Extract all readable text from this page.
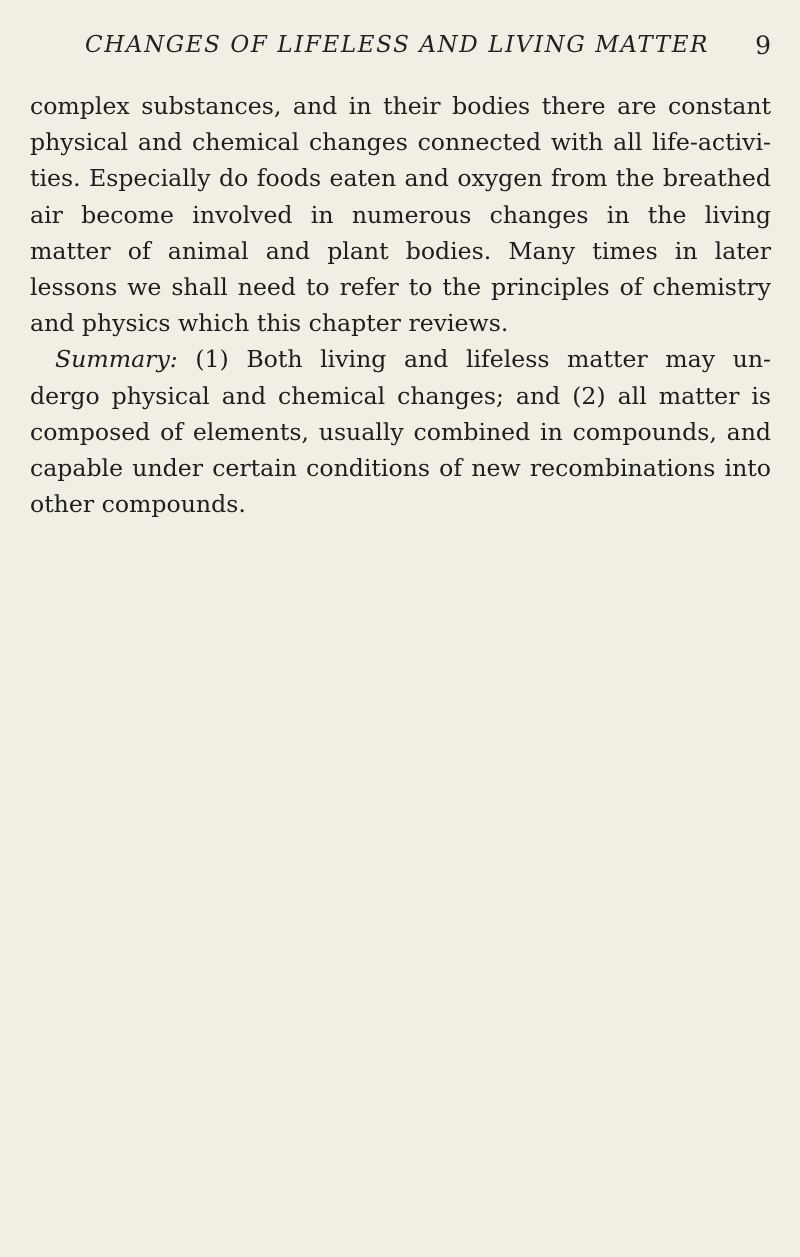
CHANGES OF LIFELESS AND LIVING MATTER 9
complex substances, and in their bodies there are constant
physical and chemical changes connected with all life-activi-
ties. Especially do foods eaten and oxygen from the breathed
air become involved in numerous changes in the living
matter of animal and plant bodies. Many times in later
lessons we shall need to refer to the principles of chemistry
and physics which this chapter reviews.
Summary: (1) Both living and lifeless matter may un-
dergo physical and chemical changes; and (2) all matter is
composed of elements, usually combined in compounds, and
capable under certain conditions of new recombinations into
other compounds.
